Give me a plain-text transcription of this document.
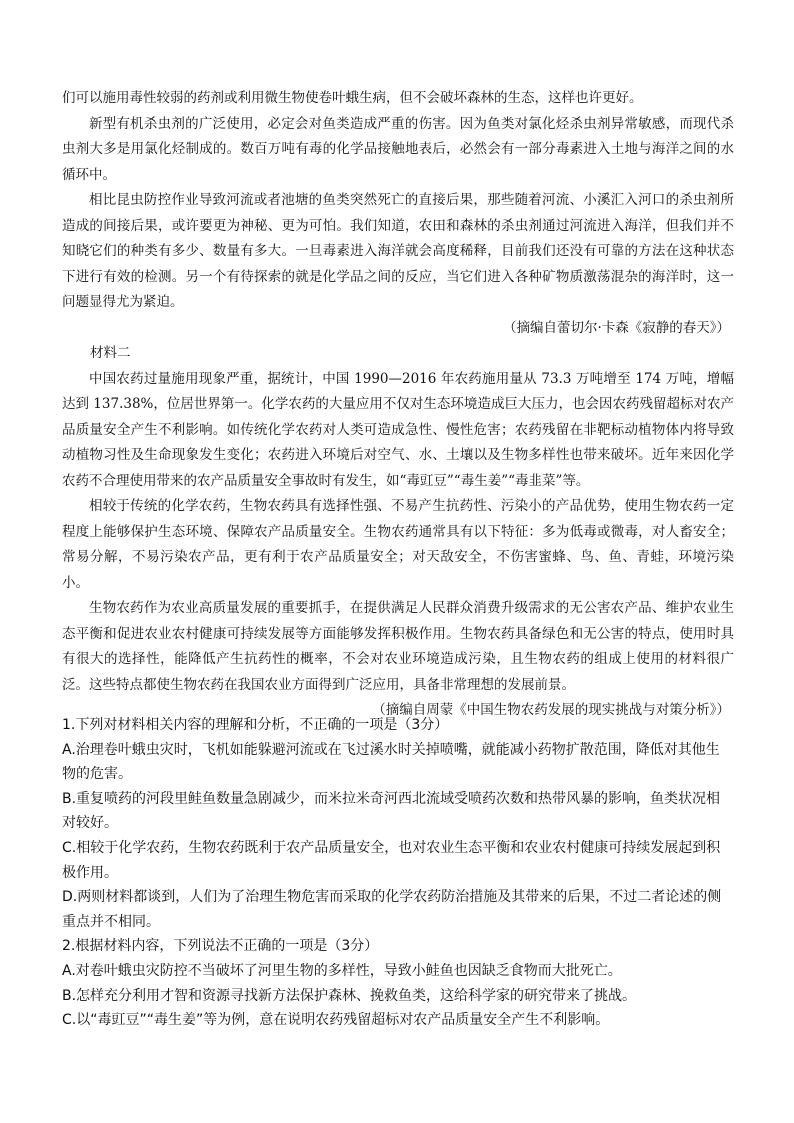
们可以施用毒性较弱的药剂或利用微生物使卷叶蛾生病，但不会破坏森林的生态，这样也许更好。

新型有机杀虫剂的广泛使用，必定会对鱼类造成严重的伤害。因为鱼类对氯化烃杀虫剂异常敏感，而现代杀虫剂大多是用氯化烃制成的。数百万吨有毒的化学品接触地表后，必然会有一部分毒素进入土地与海洋之间的水循环中。

相比昆虫防控作业导致河流或者池塘的鱼类突然死亡的直接后果，那些随着河流、小溪汇入河口的杀虫剂所造成的间接后果，或许要更为神秘、更为可怕。我们知道，农田和森林的杀虫剂通过河流进入海洋，但我们并不知晓它们的种类有多少、数量有多大。一旦毒素进入海洋就会高度稀释，目前我们还没有可靠的方法在这种状态下进行有效的检测。另一个有待探索的就是化学品之间的反应，当它们进入各种矿物质激荡混杂的海洋时，这一问题显得尤为紧迫。

（摘编自蕾切尔·卡森《寂静的春天》）

材料二

中国农药过量施用现象严重，据统计，中国 1990—2016 年农药施用量从 73.3 万吨增至 174 万吨，增幅达到 137.38%，位居世界第一。化学农药的大量应用不仅对生态环境造成巨大压力，也会因农药残留超标对农产品质量安全产生不利影响。如传统化学农药对人类可造成急性、慢性危害；农药残留在非靶标动植物体内将导致动植物习性及生命现象发生变化；农药进入环境后对空气、水、土壤以及生物多样性也带来破坏。近年来因化学农药不合理使用带来的农产品质量安全事故时有发生，如“毒豇豆”“毒生姜”“毒韭菜”等。

相较于传统的化学农药，生物农药具有选择性强、不易产生抗药性、污染小的产品优势，使用生物农药一定程度上能够保护生态环境、保障农产品质量安全。生物农药通常具有以下特征：多为低毒或微毒，对人畜安全；常易分解，不易污染农产品，更有利于农产品质量安全；对天敌安全，不伤害蜜蜂、鸟、鱼、青蛙，环境污染小。

生物农药作为农业高质量发展的重要抓手，在提供满足人民群众消费升级需求的无公害农产品、维护农业生态平衡和促进农业农村健康可持续发展等方面能够发挥积极作用。生物农药具备绿色和无公害的特点，使用时具有很大的选择性，能降低产生抗药性的概率，不会对农业环境造成污染，且生物农药的组成上使用的材料很广泛。这些特点都使生物农药在我国农业方面得到广泛应用，具备非常理想的发展前景。

（摘编自周蒙《中国生物农药发展的现实挑战与对策分析》）

1.下列对材料相关内容的理解和分析，不正确的一项是（3分）

A.治理卷叶蛾虫灾时，飞机如能躲避河流或在飞过溪水时关掉喷嘴，就能减小药物扩散范围，降低对其他生物的危害。

B.重复喷药的河段里鲑鱼数量急剧减少，而米拉米奇河西北流域受喷药次数和热带风暴的影响，鱼类状况相对较好。

C.相较于化学农药，生物农药既利于农产品质量安全，也对农业生态平衡和农业农村健康可持续发展起到积极作用。

D.两则材料都谈到，人们为了治理生物危害而采取的化学农药防治措施及其带来的后果，不过二者论述的侧重点并不相同。

2.根据材料内容，下列说法不正确的一项是（3分）

A.对卷叶蛾虫灾防控不当破坏了河里生物的多样性，导致小鲑鱼也因缺乏食物而大批死亡。

B.怎样充分利用才智和资源寻找新方法保护森林、挽救鱼类，这给科学家的研究带来了挑战。

C.以“毒豇豆”“毒生姜”等为例，意在说明农药残留超标对农产品质量安全产生不利影响。
